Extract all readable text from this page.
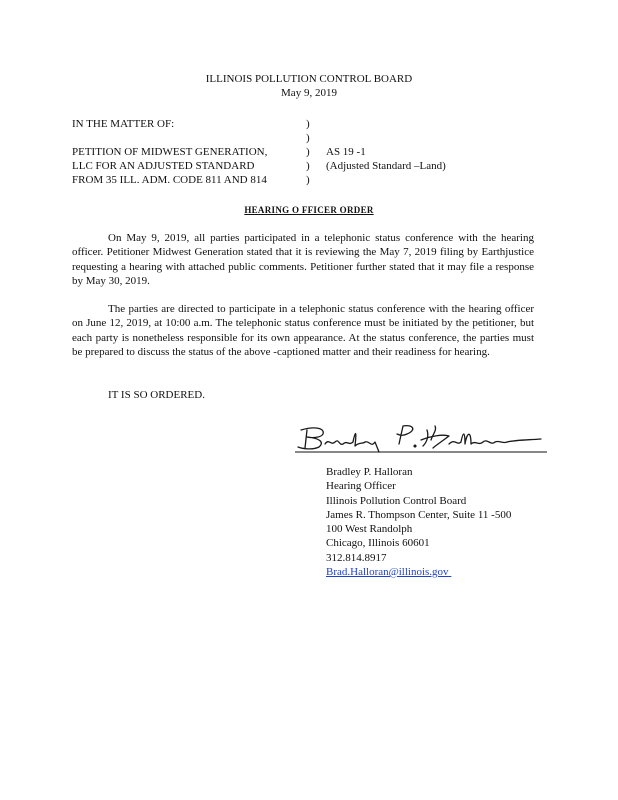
ILLINOIS POLLUTION CONTROL BOARD
May 9, 2019
IN THE MATTER OF:
PETITION OF MIDWEST GENERATION,
LLC FOR AN ADJUSTED STANDARD
FROM 35 ILL. ADM. CODE 811 AND 814
)
)
)
)
)
AS 19 -1
(Adjusted Standard –Land)
HEARING O FFICER ORDER

On May 9, 2019, all parties participated in a telephonic status conference with the hearing officer. Petitioner Midwest Generation stated that it is reviewing the May 7, 2019 filing by Earthjustice requesting a hearing with attached public comments. Petitioner further stated that it may file a response by May 30, 2019.

The parties are directed to participate in a telephonic status conference with the hearing officer on June 12, 2019, at 10:00 a.m. The telephonic status conference must be initiated by the petitioner, but each party is nonetheless responsible for its own appearance. At the status conference, the parties must be prepared to discuss the status of the above -captioned matter and their readiness for hearing.

IT IS SO ORDERED.

Bradley P. Halloran
Hearing Officer
Illinois Pollution Control Board
James R. Thompson Center, Suite 11 -500
100 West Randolph
Chicago, Illinois 60601
312.814.8917
Brad.Halloran@illinois.gov
